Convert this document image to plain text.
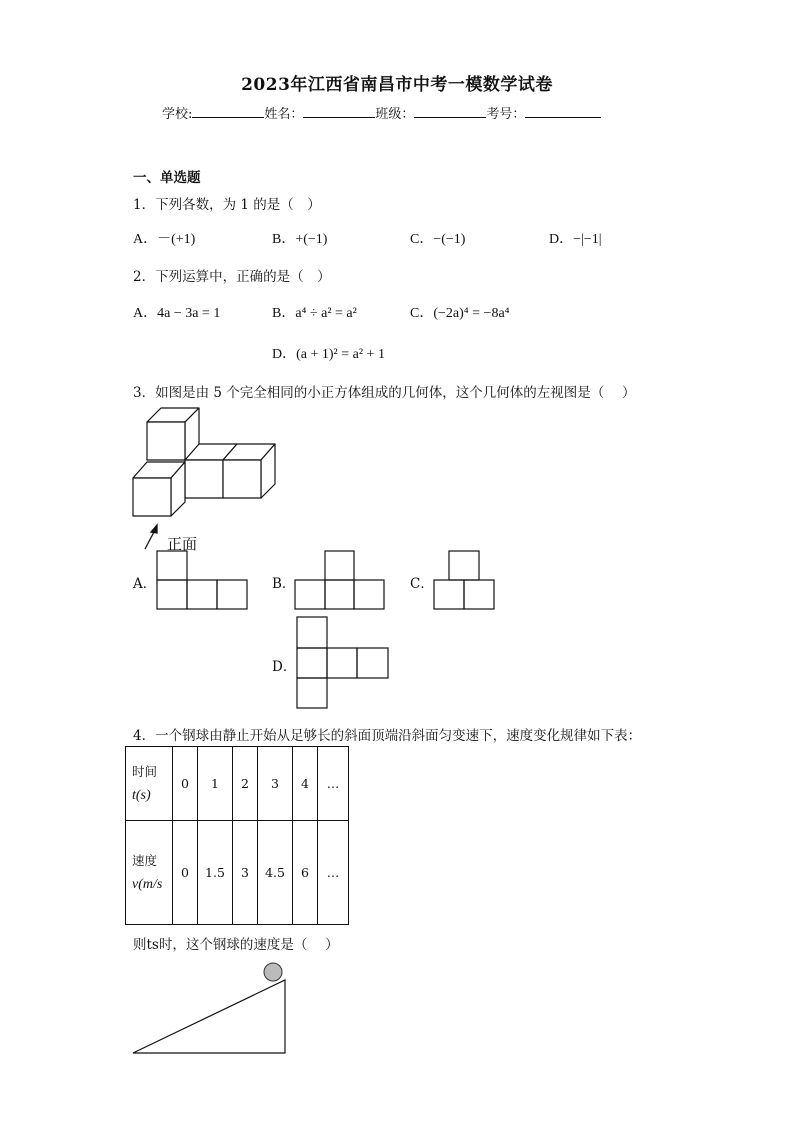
2023年江西省南昌市中考一模数学试卷
学校:	姓名：	班级：	考号：
一、单选题
1．下列各数，为 1 的是（　）
A．－(+1)	B．+(−1)	C．−(−1)	D．−|−1|
2．下列运算中，正确的是（　）
A．4a − 3a = 1	B．a⁴ ÷ a² = a²	C．(−2a)⁴ = −8a⁴
D．(a + 1)² = a² + 1
3．如图是由 5 个完全相同的小正方体组成的几何体，这个几何体的左视图是（　 ）
正面
A．	B．	C．
D．
4．一个钢球由静止开始从足够长的斜面顶端沿斜面匀变速下，速度变化规律如下表：
时间
t(s)	0	1	2	3	4	…

速度
v(m/s	0	1.5	3	4.5	6	…
则ts时，这个钢球的速度是（　 ）
